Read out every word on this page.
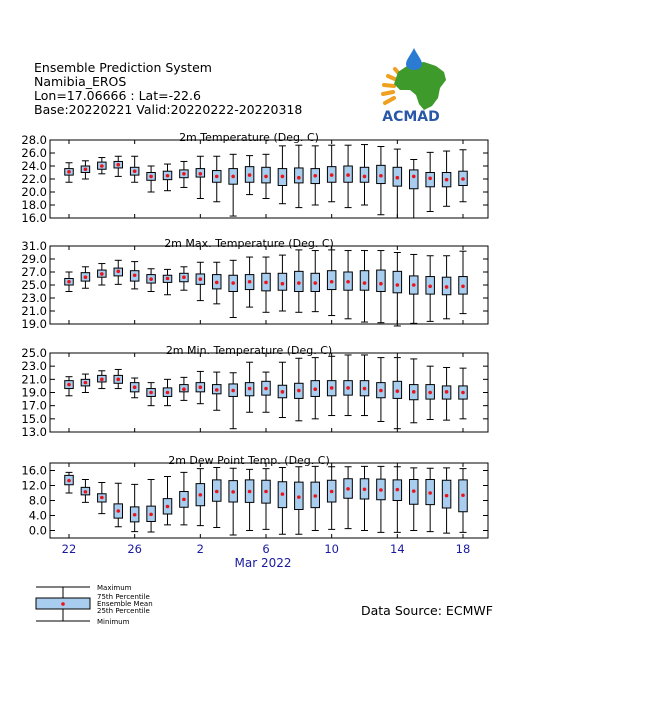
Ensemble Prediction System
Namibia_EROS
Lon=17.06666 : Lat=-22.6
Base:20220221 Valid:20220222-20220318	ACMAD
28.0
26.0
24.0
22.0
20.0
18.0
16.0
2m Temperature (Deg. C)
31.0
29.0
27.0
25.0
23.0
21.0
19.0
2m Max. Temperature (Deg. C)
25.0
23.0
21.0
19.0
17.0
15.0
13.0
2m Min. Temperature (Deg. C)
16.0
12.0
8.0
4.0
0.0
2m Dew Point Temp. (Deg. C)
22	26	2	6	10	14	18
Mar 2022
Maximum
75th Percentile
Ensemble Mean
25th Percentile
Minimum
Data Source: ECMWF
